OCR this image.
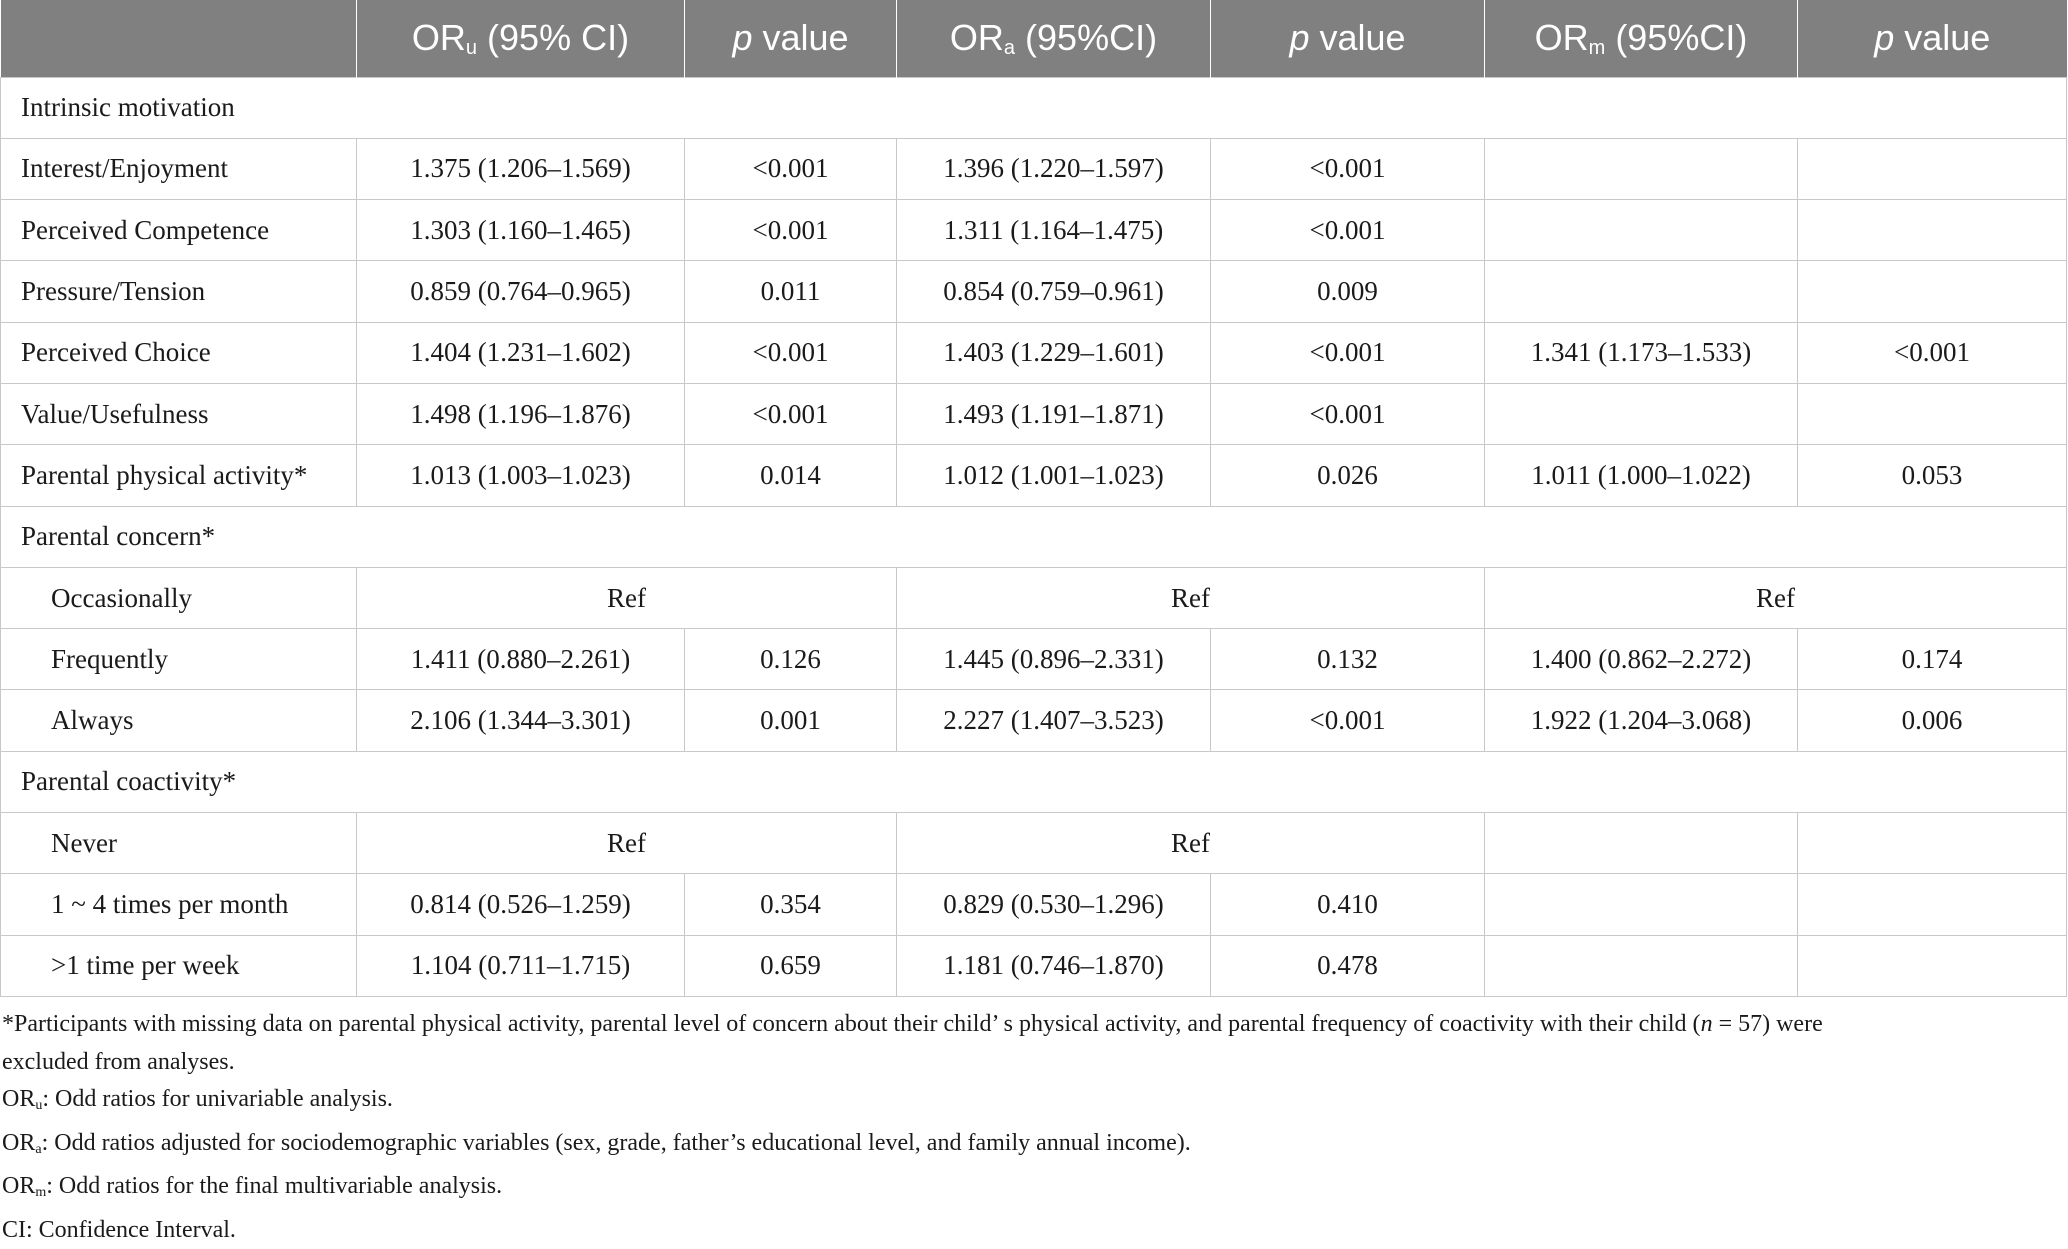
	$OR_u$ (95% CI)	p value	$OR_a$ (95%CI)	p value	$OR_m$ (95%CI)	p value
Intrinsic motivation						
Interest/Enjoyment	1.375 (1.206–1.569)	<0.001	1.396 (1.220–1.597)	<0.001		
Perceived Competence	1.303 (1.160–1.465)	<0.001	1.311 (1.164–1.475)	<0.001		
Pressure/Tension	0.859 (0.764–0.965)	0.011	0.854 (0.759–0.961)	0.009		
Perceived Choice	1.404 (1.231–1.602)	<0.001	1.403 (1.229–1.601)	<0.001	1.341 (1.173–1.533)	<0.001
Value/Usefulness	1.498 (1.196–1.876)	<0.001	1.493 (1.191–1.871)	<0.001		
Parental physical activity*	1.013 (1.003–1.023)	0.014	1.012 (1.001–1.023)	0.026	1.011 (1.000–1.022)	0.053
Parental concern*						
Occasionally	Ref		Ref		Ref	
Frequently	1.411 (0.880–2.261)	0.126	1.445 (0.896–2.331)	0.132	1.400 (0.862–2.272)	0.174
Always	2.106 (1.344–3.301)	0.001	2.227 (1.407–3.523)	<0.001	1.922 (1.204–3.068)	0.006
Parental coactivity*						
Never	Ref		Ref			
1 ~ 4 times per month	0.814 (0.526–1.259)	0.354	0.829 (0.530–1.296)	0.410		
>1 time per week	1.104 (0.711–1.715)	0.659	1.181 (0.746–1.870)	0.478		
*Participants with missing data on parental physical activity, parental level of concern about their child’ s physical activity, and parental frequency of coactivity with their child (n = 57) were
excluded from analyses.
$OR_u$: Odd ratios for univariable analysis.
$OR_a$: Odd ratios adjusted for sociodemographic variables (sex, grade, father’s educational level, and family annual income).
$OR_m$: Odd ratios for the final multivariable analysis.
CI: Confidence Interval.
